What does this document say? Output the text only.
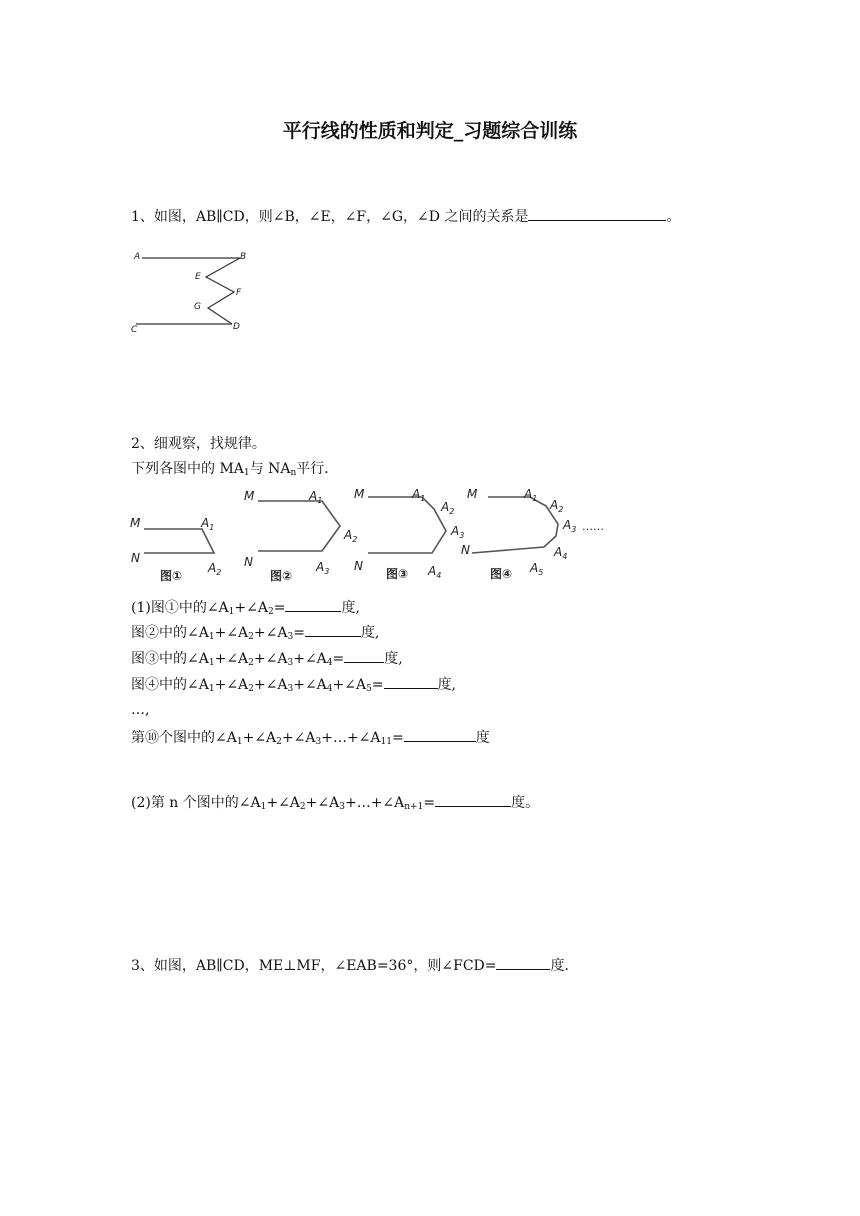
平行线的性质和判定_习题综合训练
1、如图，AB∥CD，则∠B，∠E，∠F，∠G，∠D 之间的关系是	。
A	B
E
F
G
C	D
2、细观察，找规律。
下列各图中的 $MA_1$与 $NA_n$平行．
M
N
$A_1$
$A_2$
M
N
$A_1$
$A_2$
$A_3$
M
N
$A_1$
$A_2$
$A_3$
$A_4$
M
N
$A_1$ $A_2$
$A_3$
$A_4$
$A_5$
图①	图②	图③	图④
……
(1)图①中的$\angle A_1+\angle A_2=$	度,
图②中的$\angle A_1+\angle A_2+\angle A_3=$	度,
图③中的$\angle A_1+\angle A_2+\angle A_3+\angle A_4=$	度,
图④中的$\angle A_1+\angle A_2+\angle A_3+\angle A_4+\angle A_5=$	度,
…,
第⑩个图中的$\angle A_1+\angle A_2+\angle A_3+\dots+\angle A_{11}=$	度
(2)第 n 个图中的$\angle A_1+\angle A_2+\angle A_3+\dots+\angle A_{n+1}=$	度。
3、如图，AB∥CD，ME⊥MF，∠EAB=36°，则∠FCD=	度．
